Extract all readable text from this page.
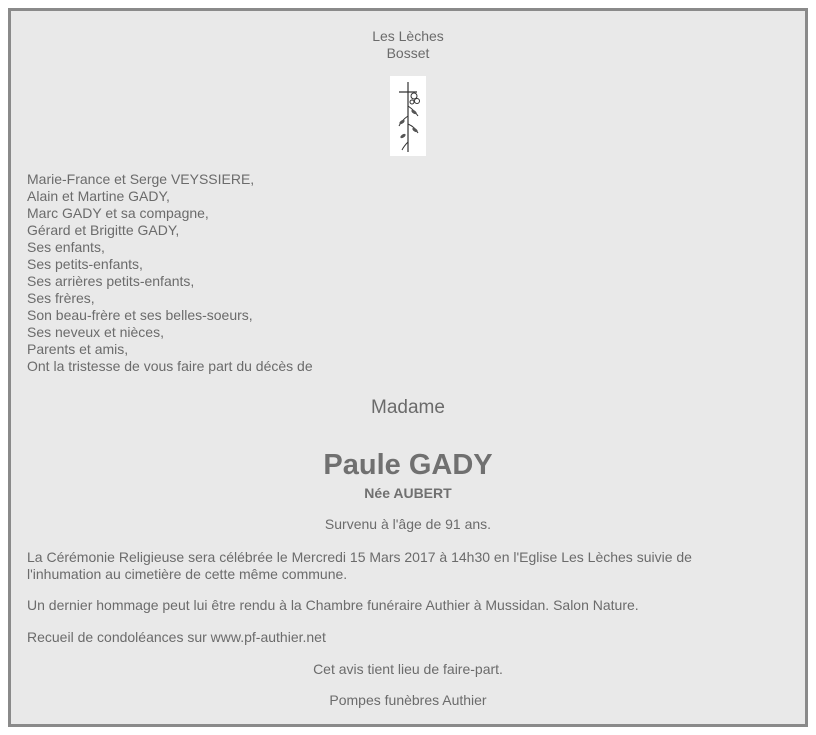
Les Lèches
Bosset
Marie-France et Serge VEYSSIERE,
Alain et Martine GADY,
Marc GADY et sa compagne,
Gérard et Brigitte GADY,
Ses enfants,
Ses petits-enfants,
Ses arrières petits-enfants,
Ses frères,
Son beau-frère et ses belles-soeurs,
Ses neveux et nièces,
Parents et amis,
Ont la tristesse de vous faire part du décès de
Madame
Paule GADY
Née AUBERT
Survenu à l'âge de 91 ans.
La Cérémonie Religieuse sera célébrée le Mercredi 15 Mars 2017 à 14h30 en l'Eglise Les Lèches suivie de l'inhumation au cimetière de cette même commune.
Un dernier hommage peut lui être rendu à la Chambre funéraire Authier à Mussidan. Salon Nature.
Recueil de condoléances sur www.pf-authier.net
Cet avis tient lieu de faire-part.
Pompes funèbres Authier
